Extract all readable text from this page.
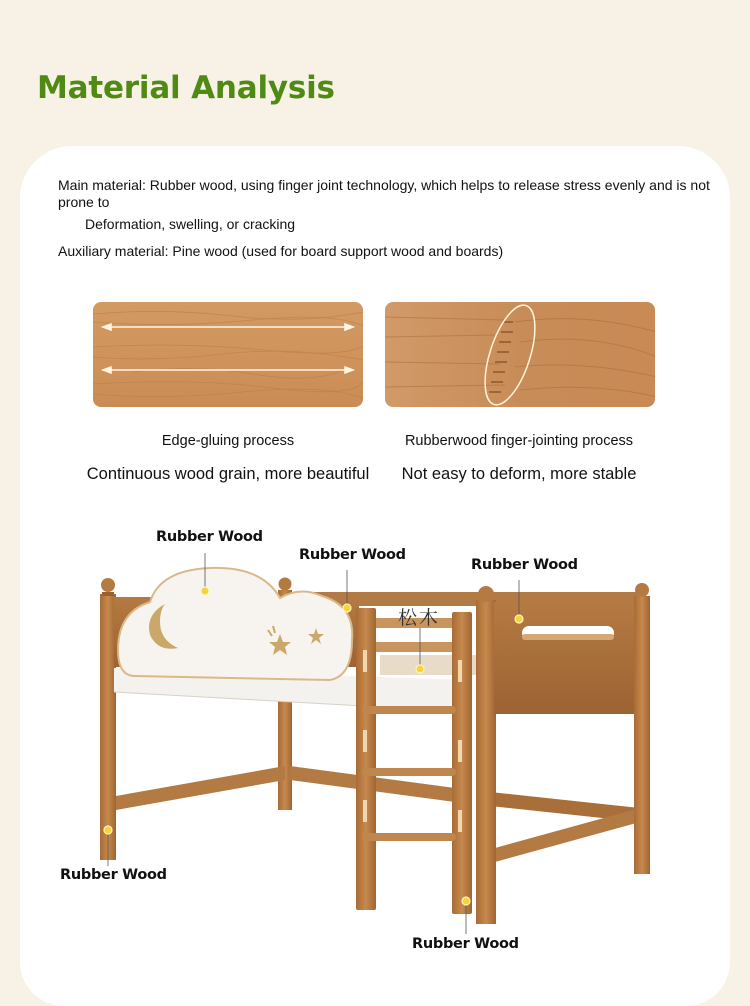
Material Analysis
Main material: Rubber wood, using finger joint technology, which helps to release stress evenly and is not prone to
Deformation, swelling, or cracking
Auxiliary material: Pine wood (used for board support wood and boards)
Edge-gluing process	Rubberwood finger-jointing process
Continuous wood grain, more beautiful	Not easy to deform, more stable
Rubber Wood
Rubber Wood
Rubber Wood
松木
Rubber Wood
Rubber Wood
